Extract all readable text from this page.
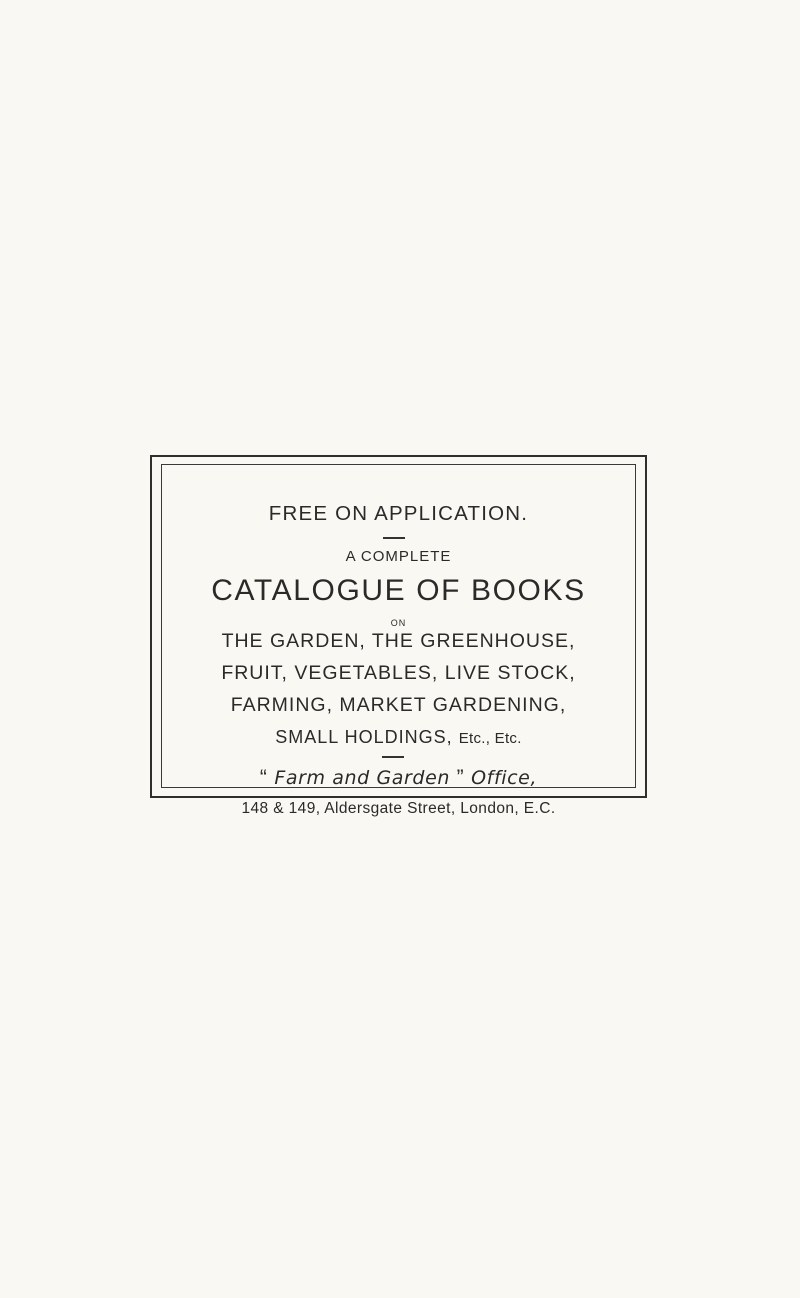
FREE ON APPLICATION.
A COMPLETE
CATALOGUE OF BOOKS
ON
THE GARDEN, THE GREENHOUSE,
FRUIT, VEGETABLES, LIVE STOCK,
FARMING, MARKET GARDENING,
SMALL HOLDINGS, Etc., Etc.
“ Farm and Garden ” Office,
148 & 149, Aldersgate Street, London, E.C.
